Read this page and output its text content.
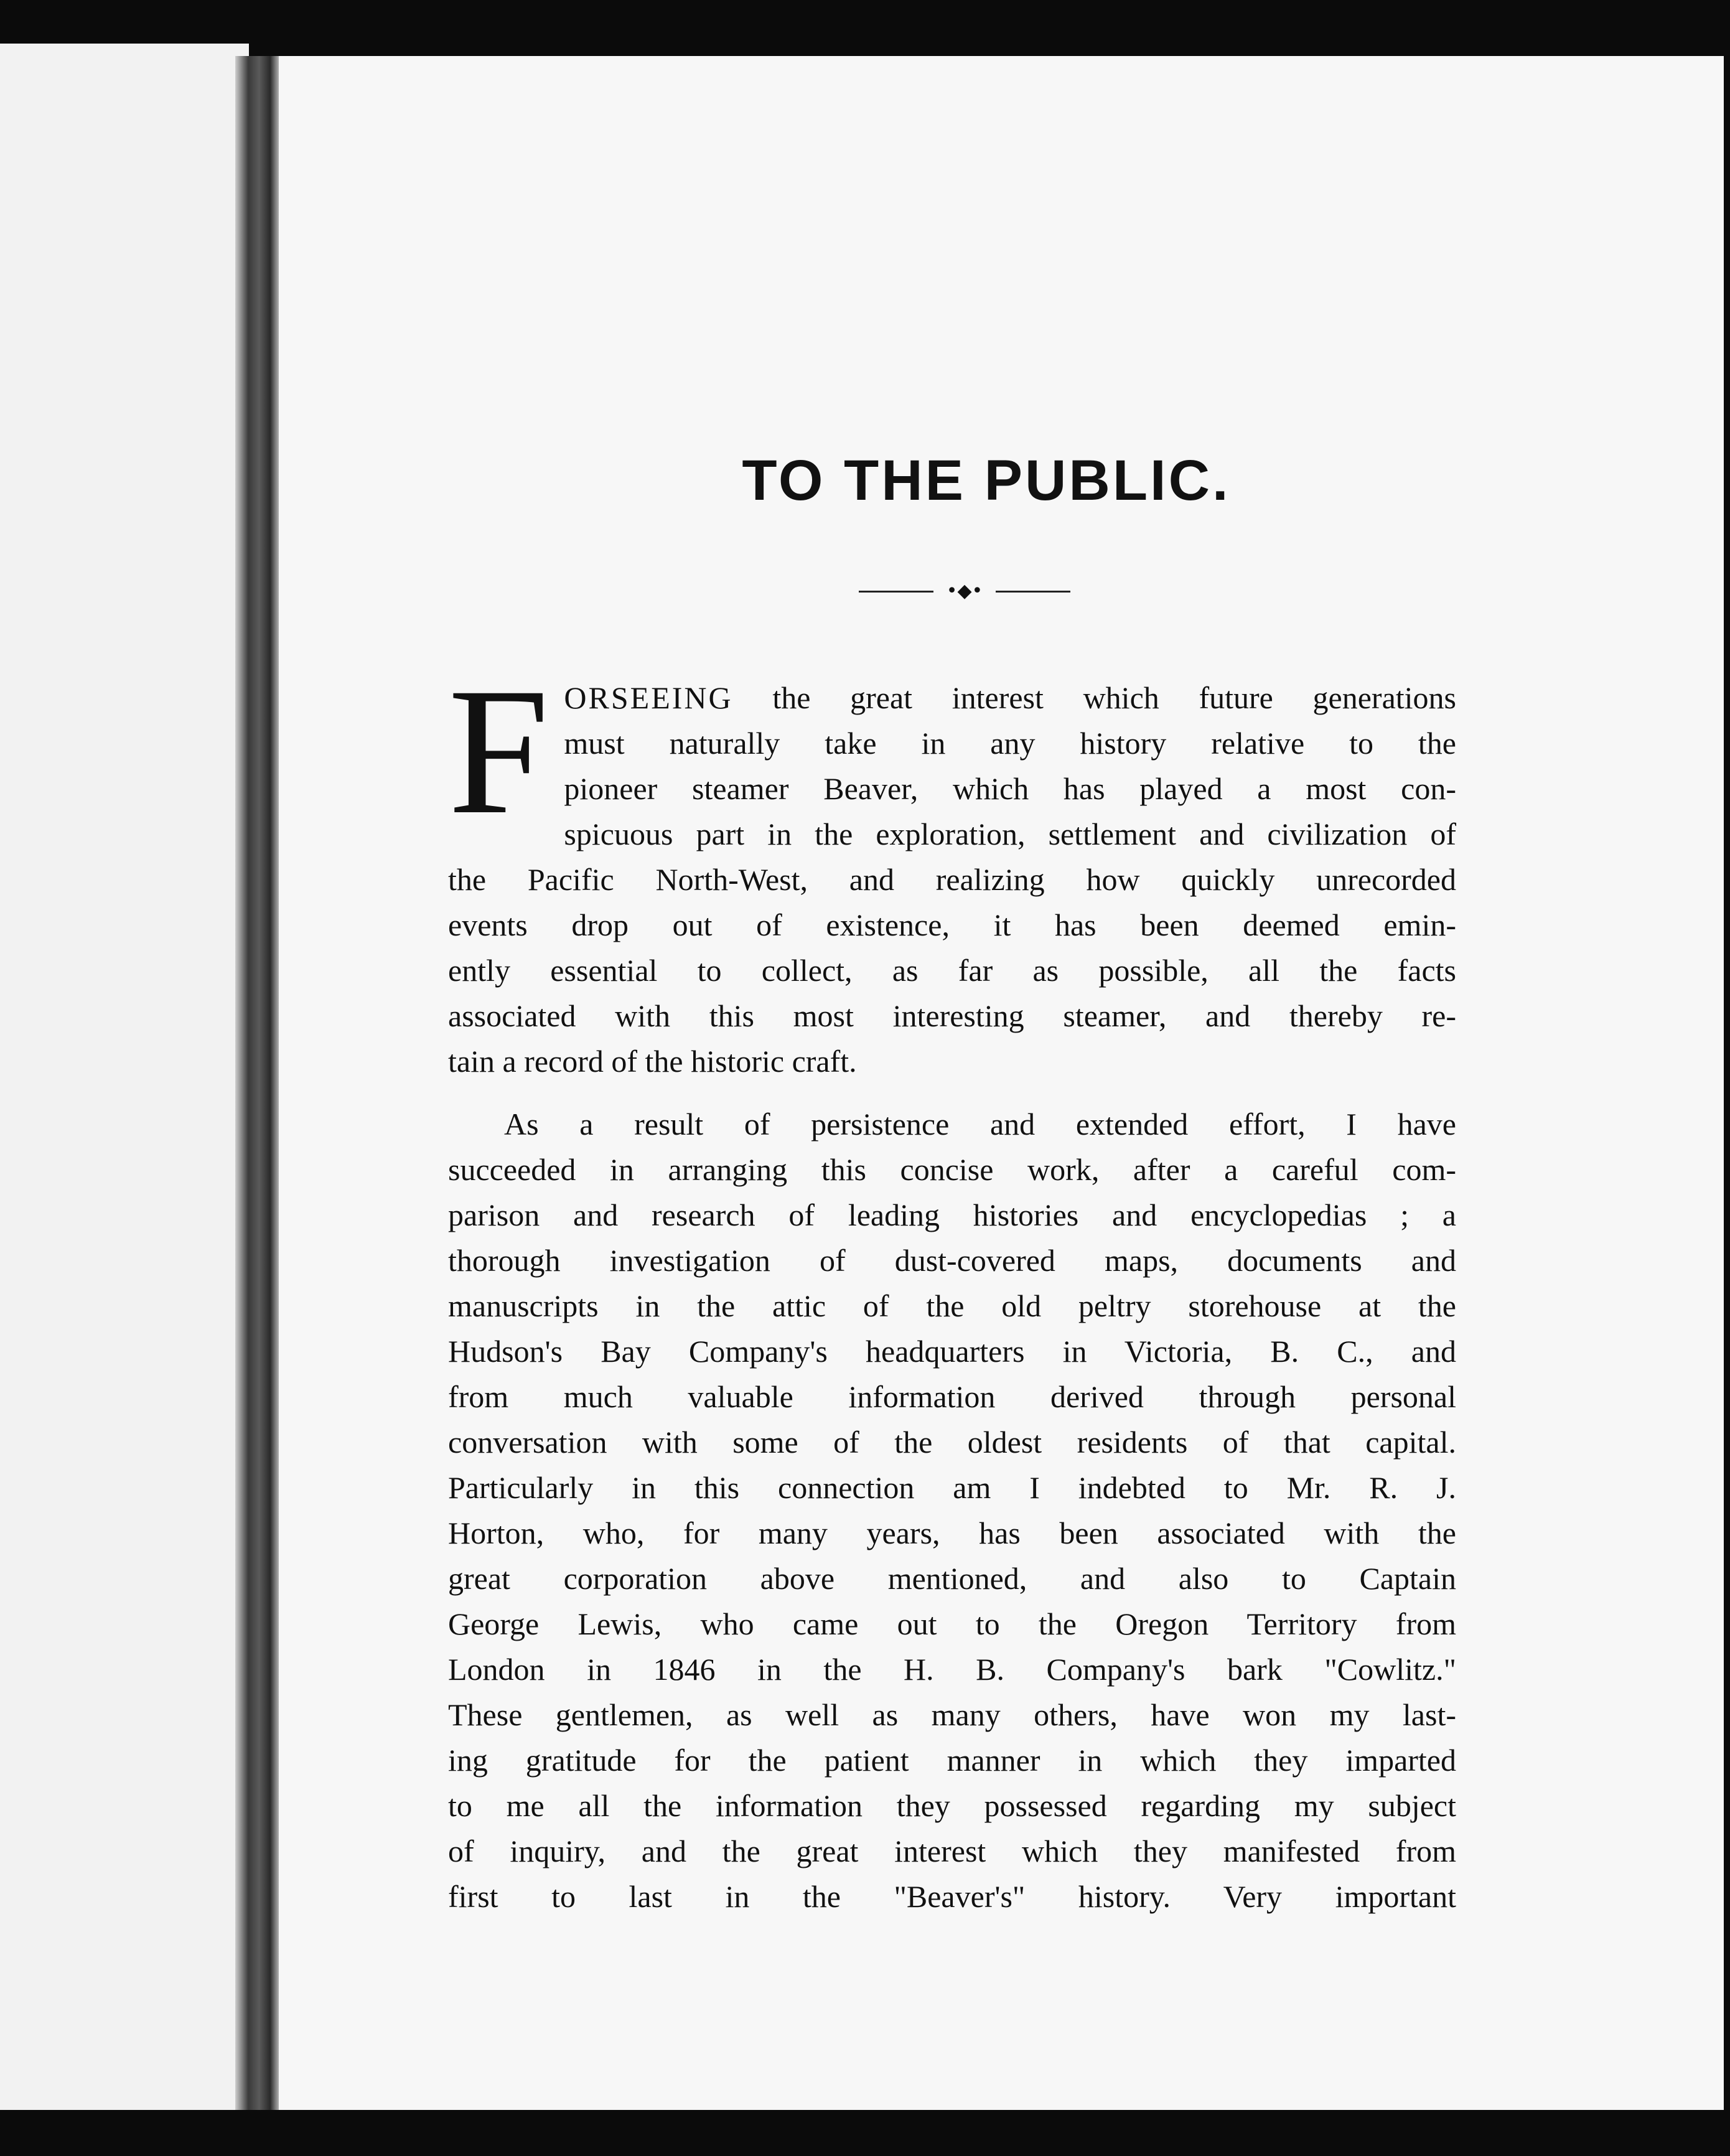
TO THE PUBLIC.
•◆•
F ORSEEING the great interest which future generations
must naturally take in any history relative to the
pioneer steamer Beaver, which has played a most con-
spicuous part in the exploration, settlement and civilization of
the Pacific North-West, and realizing how quickly unrecorded
events drop out of existence, it has been deemed emin-
ently essential to collect, as far as possible, all the facts
associated with this most interesting steamer, and thereby re-
tain a record of the historic craft.
As a result of persistence and extended effort, I have
succeeded in arranging this concise work, after a careful com-
parison and research of leading histories and encyclopedias ; a
thorough investigation of dust-covered maps, documents and
manuscripts in the attic of the old peltry storehouse at the
Hudson's Bay Company's headquarters in Victoria, B. C., and
from much valuable information derived through personal
conversation with some of the oldest residents of that capital.
Particularly in this connection am I indebted to Mr. R. J.
Horton, who, for many years, has been associated with the
great corporation above mentioned, and also to Captain
George Lewis, who came out to the Oregon Territory from
London in 1846 in the H. B. Company's bark "Cowlitz."
These gentlemen, as well as many others, have won my last-
ing gratitude for the patient manner in which they imparted
to me all the information they possessed regarding my subject
of inquiry, and the great interest which they manifested from
first to last in the "Beaver's" history. Very important
